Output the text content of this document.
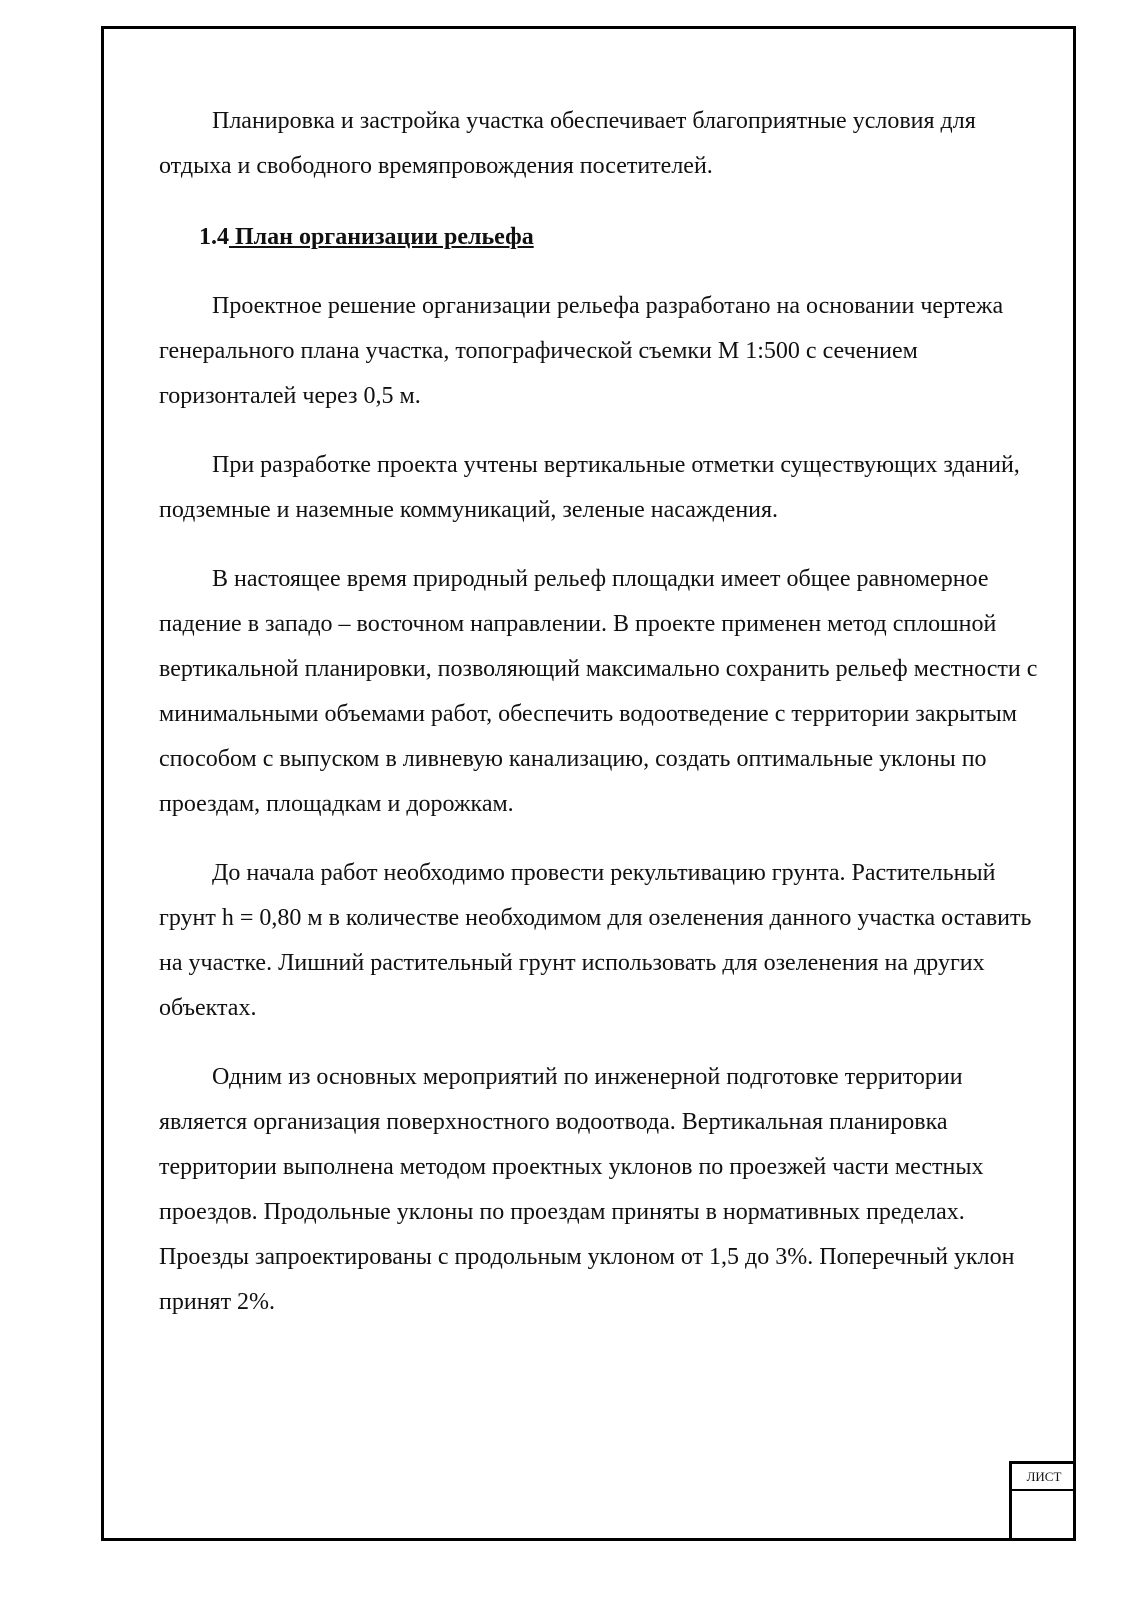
Планировка и застройка участка обеспечивает благоприятные условия для отдыха и свободного времяпровождения посетителей.

1.4 План организации рельефа

Проектное решение организации рельефа разработано на основании чертежа генерального плана участка, топографической съемки М 1:500 с сечением горизонталей через 0,5 м.

При разработке проекта учтены вертикальные отметки существующих зданий, подземные и наземные коммуникаций, зеленые насаждения.

В настоящее время природный рельеф площадки имеет общее равномерное падение в западо – восточном направлении. В проекте применен метод сплошной вертикальной планировки, позволяющий максимально сохранить рельеф местности с минимальными объемами работ, обеспечить водоотведение с территории закрытым способом с выпуском в ливневую канализацию, создать оптимальные уклоны по проездам, площадкам и дорожкам.

До начала работ необходимо провести рекультивацию грунта. Растительный грунт h = 0,80 м в количестве необходимом для озеленения данного участка оставить на участке. Лишний растительный грунт использовать для озеленения на других объектах.

Одним из основных мероприятий по инженерной подготовке территории является организация поверхностного водоотвода. Вертикальная планировка территории выполнена методом проектных уклонов по проезжей части местных проездов. Продольные уклоны по проездам приняты в нормативных пределах. Проезды запроектированы с продольным уклоном от 1,5 до 3%. Поперечный уклон принят 2%.

ЛИСТ
